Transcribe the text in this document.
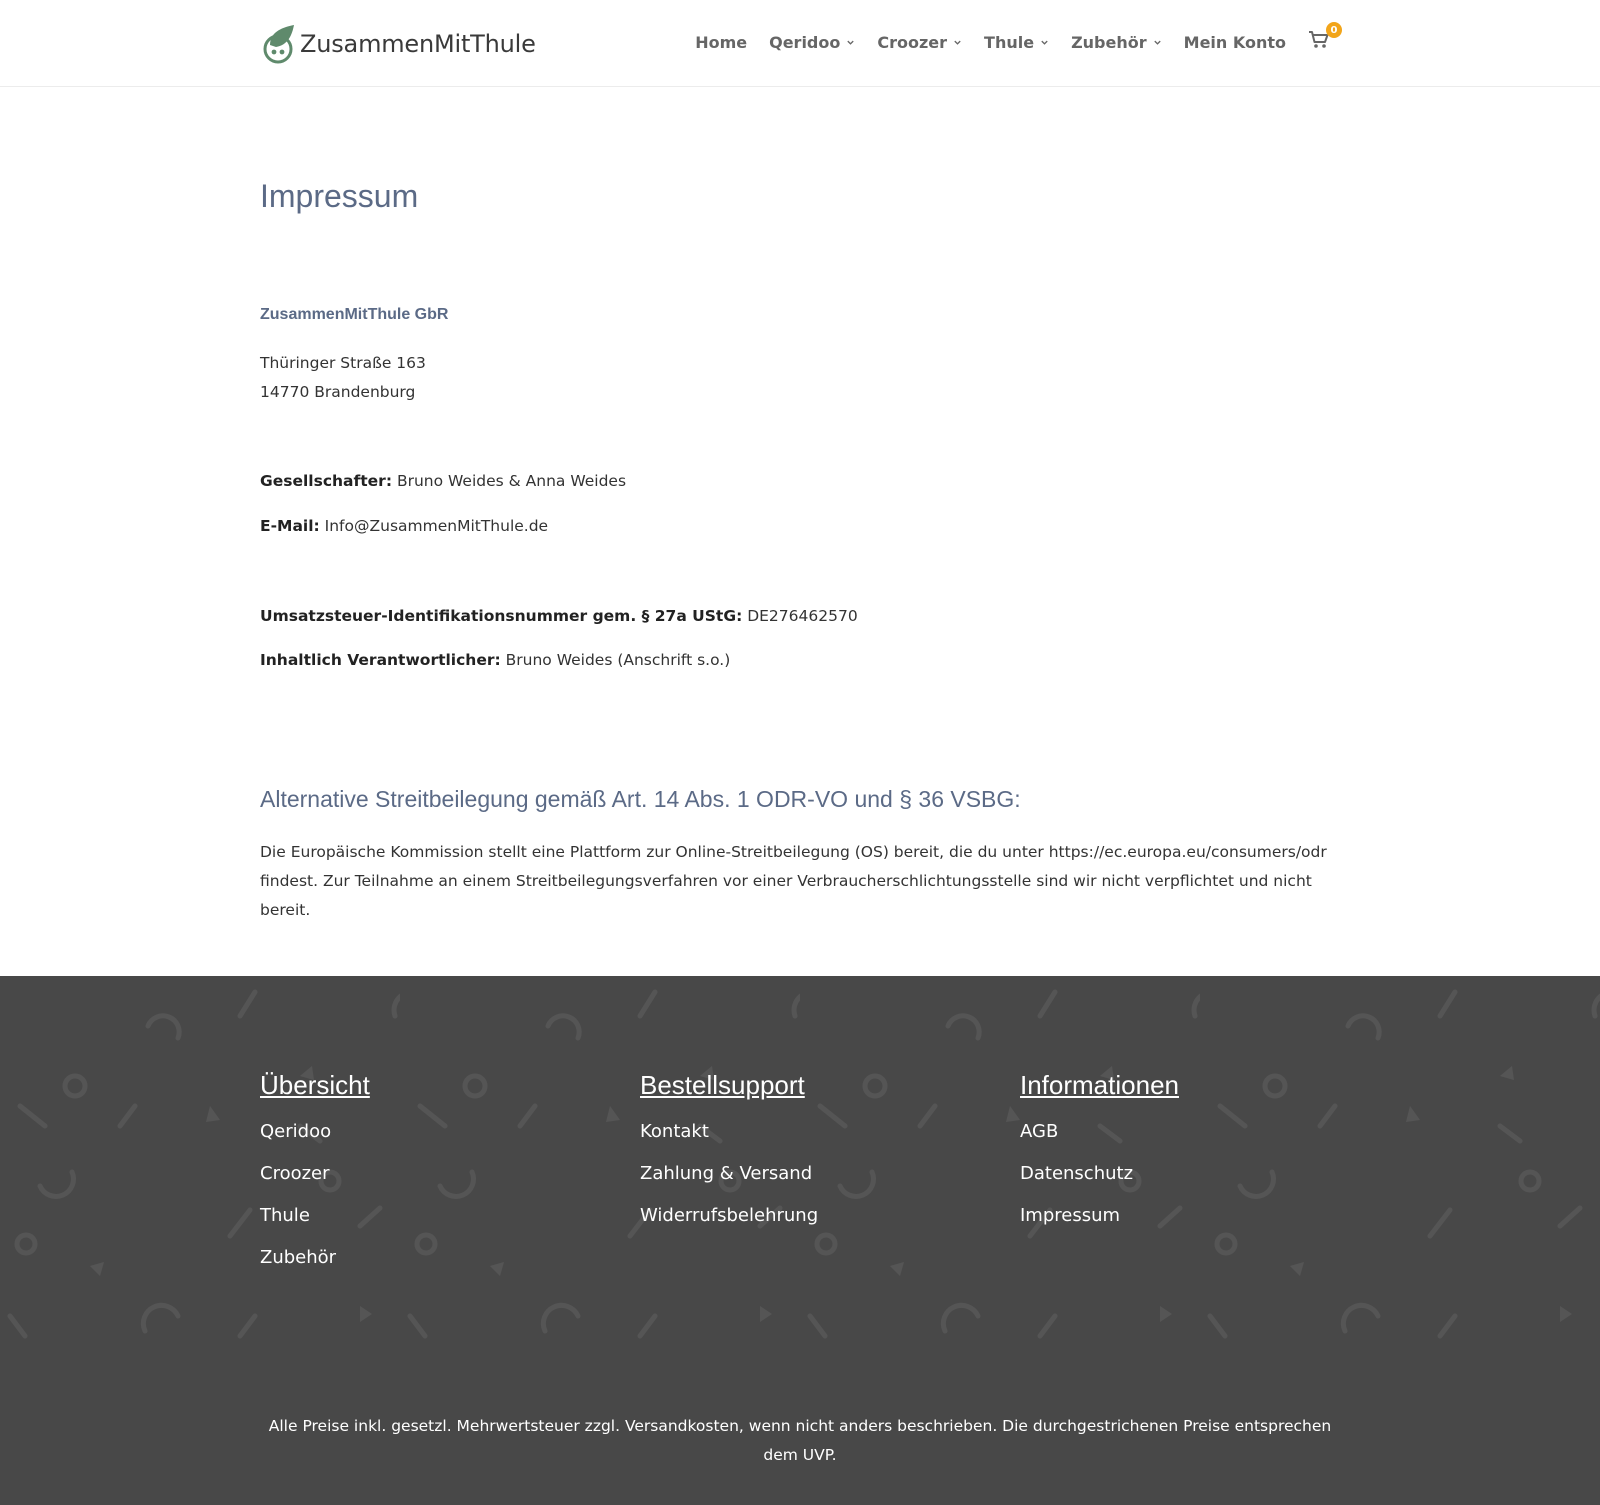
ZusammenMitThule	Home Qeridoo Croozer Thule Zubehör Mein Konto
0
Impressum
ZusammenMitThule GbR
Thüringer Straße 163
14770 Brandenburg
Gesellschafter: Bruno Weides & Anna Weides
E-Mail: Info@ZusammenMitThule.de
Umsatzsteuer-Identifikationsnummer gem. § 27a UStG: DE276462570
Inhaltlich Verantwortlicher: Bruno Weides (Anschrift s.o.)
Alternative Streitbeilegung gemäß Art. 14 Abs. 1 ODR-VO und § 36 VSBG:
Die Europäische Kommission stellt eine Plattform zur Online-Streitbeilegung (OS) bereit, die du unter https://ec.europa.eu/consumers/odr findest. Zur Teilnahme an einem Streitbeilegungsverfahren vor einer Verbraucherschlichtungsstelle sind wir nicht verpflichtet und nicht bereit.
Übersicht
Qeridoo
Croozer
Thule
Zubehör
Bestellsupport
Kontakt
Zahlung & Versand
Widerrufsbelehrung
Informationen
AGB
Datenschutz
Impressum
Alle Preise inkl. gesetzl. Mehrwertsteuer zzgl. Versandkosten, wenn nicht anders beschrieben. Die durchgestrichenen Preise entsprechen dem UVP.
